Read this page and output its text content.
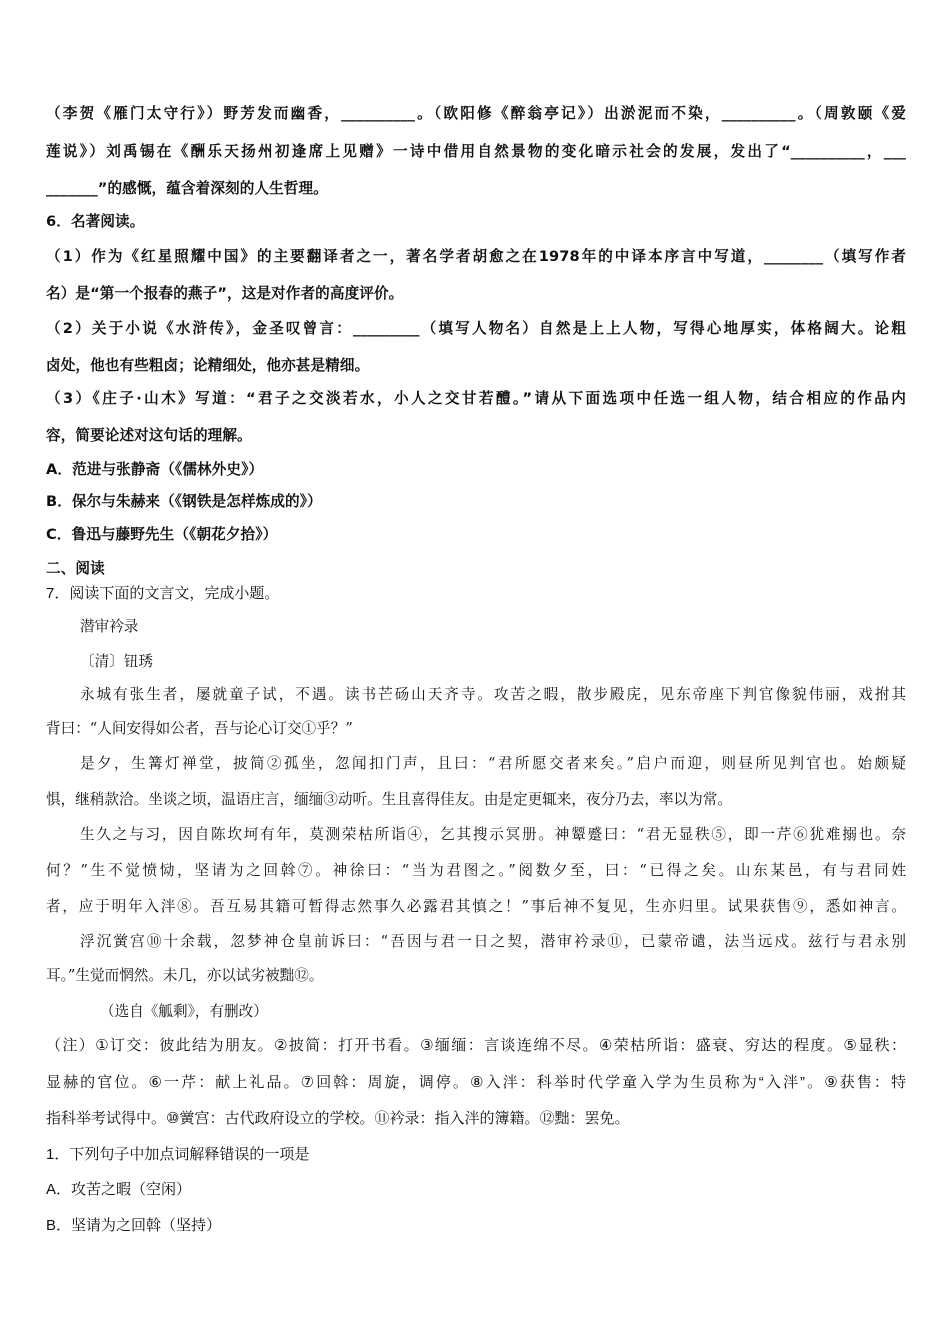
（李贺《雁门太守行》）野芳发而幽香，__________。（欧阳修《醉翁亭记》）出淤泥而不染，__________。（周敦颐《爱

莲说》）刘禹锡在《酬乐天扬州初逢席上见赠》一诗中借用自然景物的变化暗示社会的发展，发出了“__________，___

_______”的感慨，蕴含着深刻的人生哲理。

6．名著阅读。

（1）作为《红星照耀中国》的主要翻译者之一，著名学者胡愈之在1978年的中译本序言中写道，________（填写作者

名）是“第一个报春的燕子”，这是对作者的高度评价。

（2）关于小说《水浒传》，金圣叹曾言：_________（填写人物名）自然是上上人物，写得心地厚实，体格阔大。论粗

卤处，他也有些粗卤；论精细处，他亦甚是精细。

（3）《庄子·山木》写道：“君子之交淡若水，小人之交甘若醴。”请从下面选项中任选一组人物，结合相应的作品内

容，简要论述对这句话的理解。

A．范进与张静斋（《儒林外史》）

B．保尔与朱赫来（《钢铁是怎样炼成的》）

C．鲁迅与藤野先生（《朝花夕拾》）

二、阅读

7．阅读下面的文言文，完成小题。

潜审衿录

〔清〕钮琇

永城有张生者，屡就童子试，不遇。读书芒砀山天齐寺。攻苦之暇，散步殿庑，见东帝座下判官像貌伟丽，戏拊其

背曰：“人间安得如公者，吾与论心订交①乎？”

是夕，生篝灯禅堂，披简②孤坐，忽闻扣门声，且曰：“君所愿交者来矣。”启户而迎，则昼所见判官也。始颇疑

惧，继稍款洽。坐谈之顷，温语庄言，缅缅③动听。生且喜得佳友。由是定更辄来，夜分乃去，率以为常。

生久之与习，因自陈坎坷有年，莫测荣枯所诣④，乞其搜示冥册。神颦蹙曰：“君无显秩⑤，即一芹⑥犹难搦也。奈

何？”生不觉愤恸，坚请为之回斡⑦。神徐曰：“当为君图之。”阅数夕至，曰：“已得之矣。山东某邑，有与君同姓

者，应于明年入泮⑧。吾互易其籍可暂得志然事久必露君其慎之！”事后神不复见，生亦归里。试果获售⑨，悉如神言。

浮沉黉宫⑩十余载，忽梦神仓皇前诉曰：“吾因与君一日之契，潜审衿录⑪，已蒙帝谴，法当远戍。兹行与君永别

耳。”生觉而惘然。未几，亦以试劣被黜⑫。

（选自《觚剩》，有删改）

（注）①订交：彼此结为朋友。②披简：打开书看。③缅缅：言谈连绵不尽。④荣枯所诣：盛衰、穷达的程度。⑤显秩：

显赫的官位。⑥一芹：献上礼品。⑦回斡：周旋，调停。⑧入泮：科举时代学童入学为生员称为“入泮”。⑨获售：特

指科举考试得中。⑩黉宫：古代政府设立的学校。⑪衿录：指入泮的簿籍。⑫黜：罢免。

1．下列句子中加点词解释错误的一项是

A．攻苦之暇（空闲）

B．坚请为之回斡（坚持）
